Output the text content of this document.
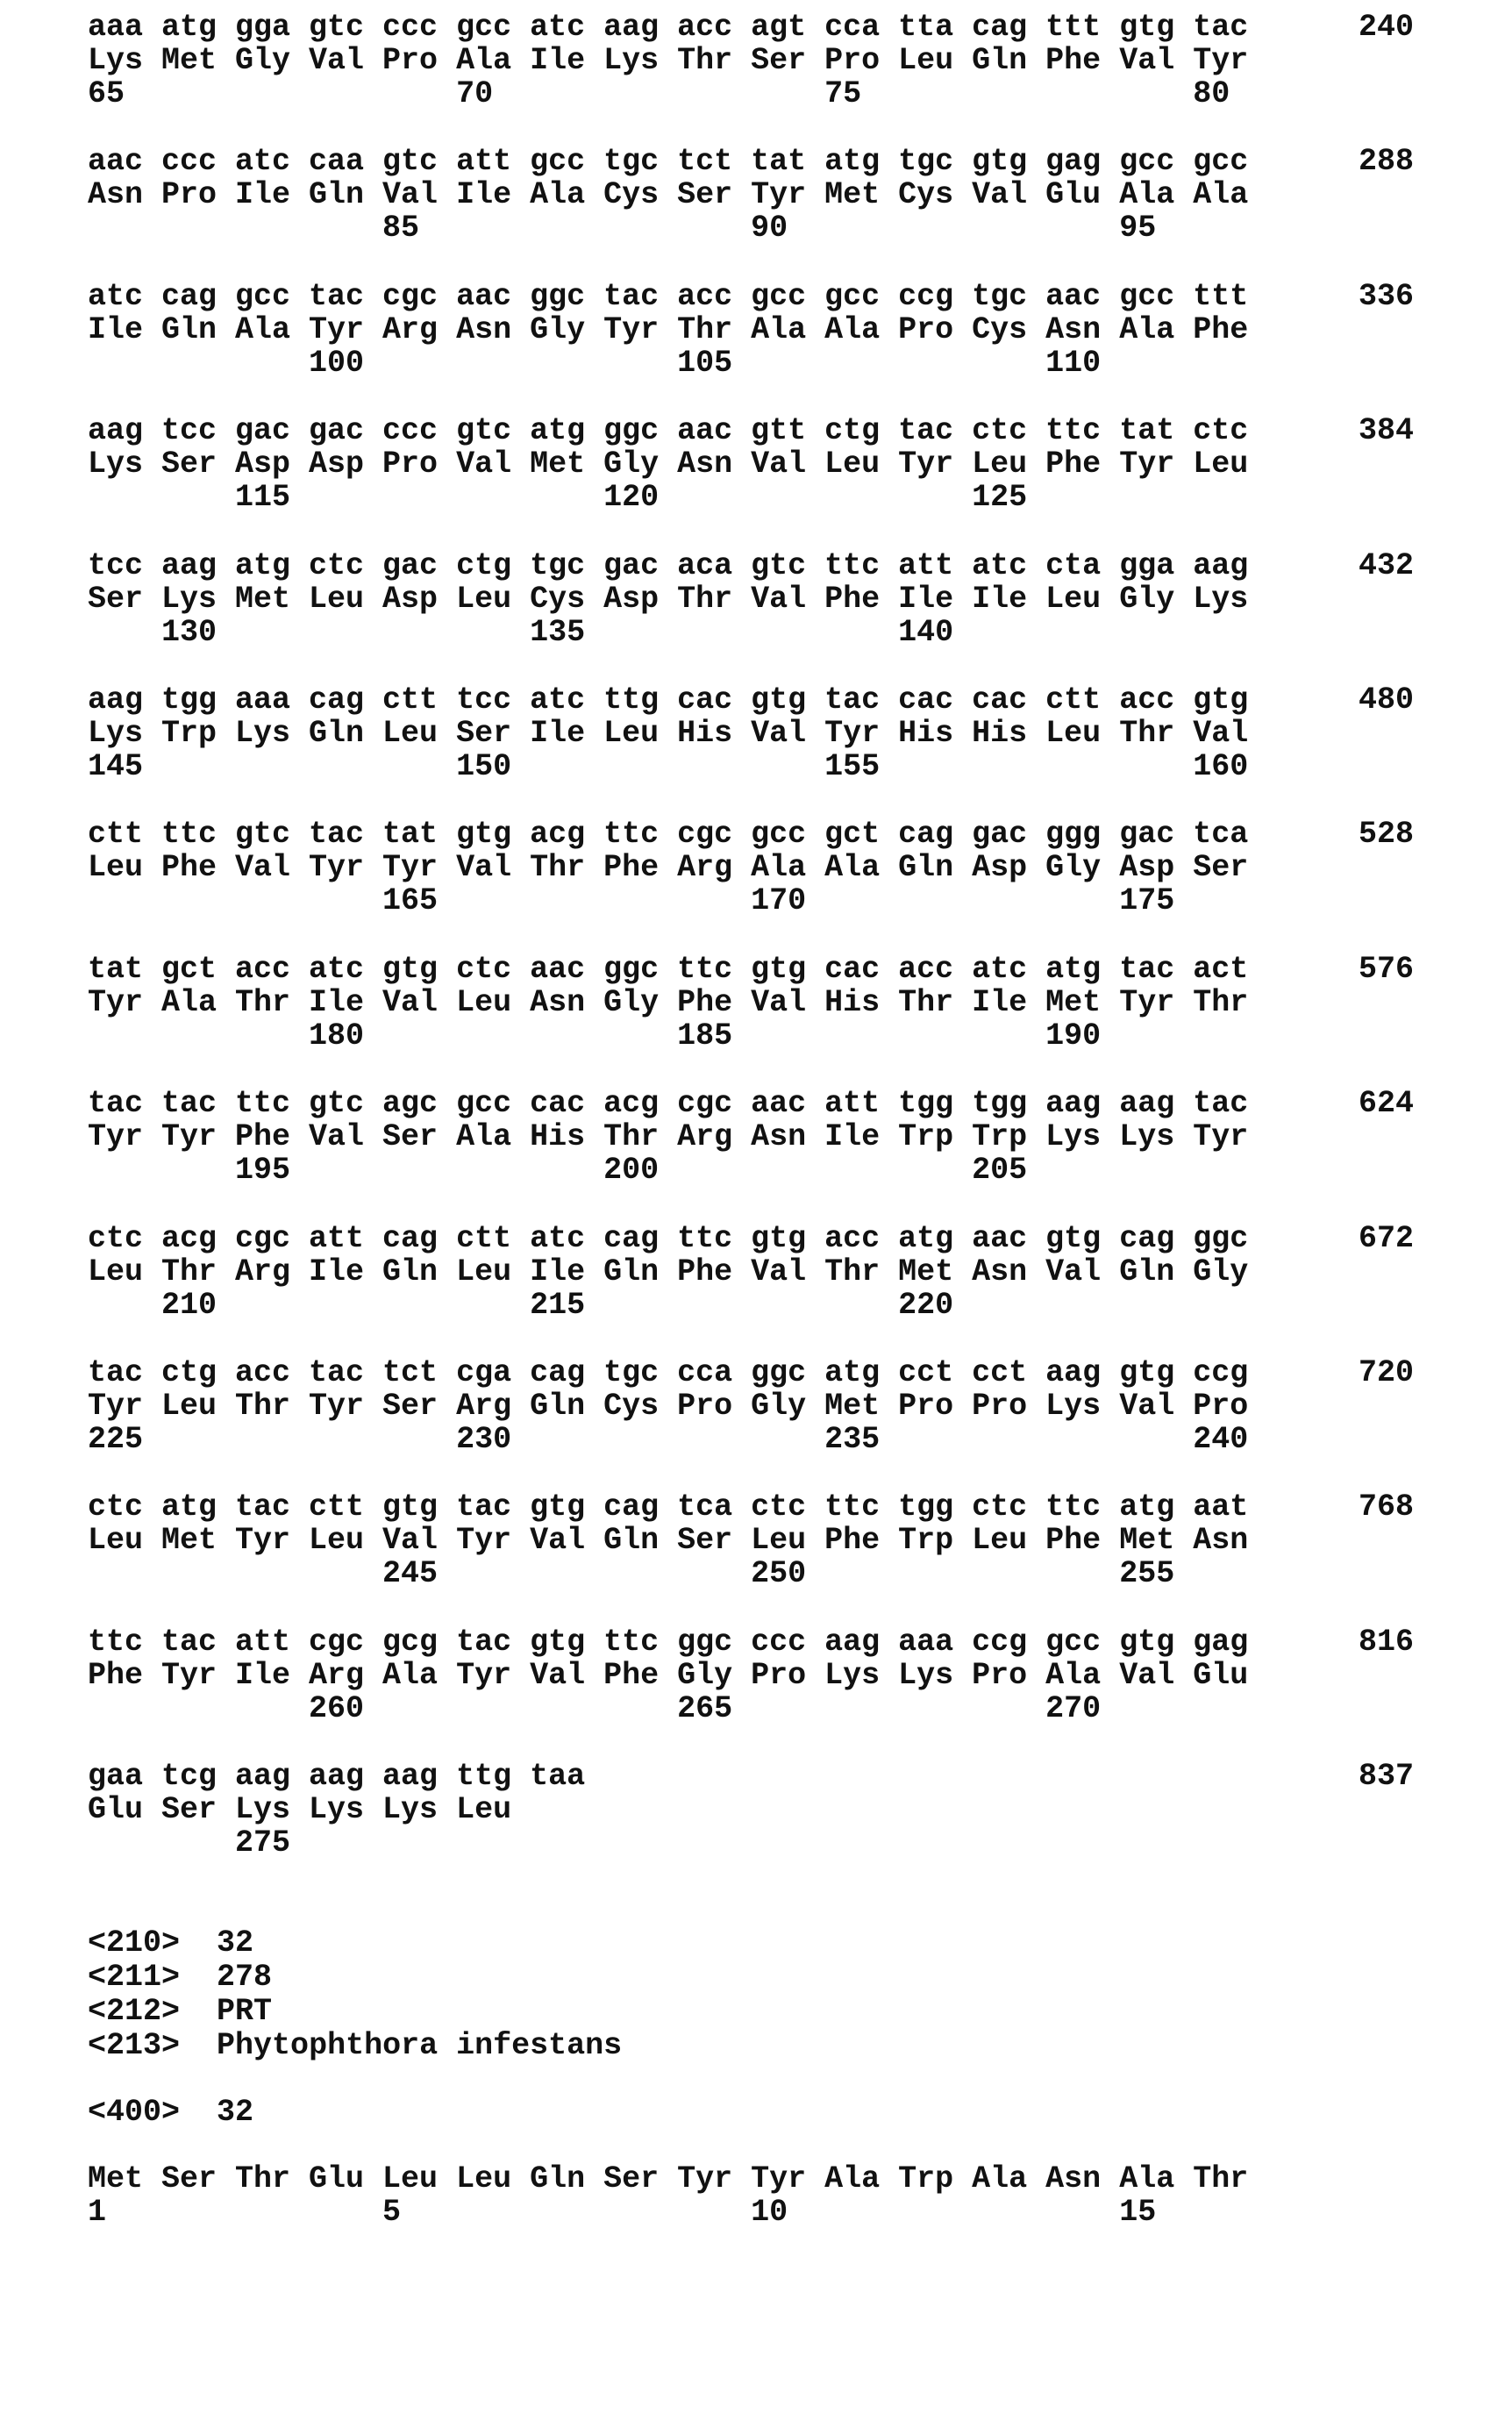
aaa atg gga gtc ccc gcc atc aag acc agt cca tta cag ttt gtg tac	240
Lys Met Gly Val Pro Ala Ile Lys Thr Ser Pro Leu Gln Phe Val Tyr
65	70	75	80
aac ccc atc caa gtc att gcc tgc tct tat atg tgc gtg gag gcc gcc	288
Asn Pro Ile Gln Val Ile Ala Cys Ser Tyr Met Cys Val Glu Ala Ala
85	90	95
atc cag gcc tac cgc aac ggc tac acc gcc gcc ccg tgc aac gcc ttt	336
Ile Gln Ala Tyr Arg Asn Gly Tyr Thr Ala Ala Pro Cys Asn Ala Phe
100	105	110
aag tcc gac gac ccc gtc atg ggc aac gtt ctg tac ctc ttc tat ctc	384
Lys Ser Asp Asp Pro Val Met Gly Asn Val Leu Tyr Leu Phe Tyr Leu
115	120	125
tcc aag atg ctc gac ctg tgc gac aca gtc ttc att atc cta gga aag	432
Ser Lys Met Leu Asp Leu Cys Asp Thr Val Phe Ile Ile Leu Gly Lys
130	135	140
aag tgg aaa cag ctt tcc atc ttg cac gtg tac cac cac ctt acc gtg	480
Lys Trp Lys Gln Leu Ser Ile Leu His Val Tyr His His Leu Thr Val
145	150	155	160
ctt ttc gtc tac tat gtg acg ttc cgc gcc gct cag gac ggg gac tca	528
Leu Phe Val Tyr Tyr Val Thr Phe Arg Ala Ala Gln Asp Gly Asp Ser
165	170	175
tat gct acc atc gtg ctc aac ggc ttc gtg cac acc atc atg tac act	576
Tyr Ala Thr Ile Val Leu Asn Gly Phe Val His Thr Ile Met Tyr Thr
180	185	190
tac tac ttc gtc agc gcc cac acg cgc aac att tgg tgg aag aag tac	624
Tyr Tyr Phe Val Ser Ala His Thr Arg Asn Ile Trp Trp Lys Lys Tyr
195	200	205
ctc acg cgc att cag ctt atc cag ttc gtg acc atg aac gtg cag ggc	672
Leu Thr Arg Ile Gln Leu Ile Gln Phe Val Thr Met Asn Val Gln Gly
210	215	220
tac ctg acc tac tct cga cag tgc cca ggc atg cct cct aag gtg ccg	720
Tyr Leu Thr Tyr Ser Arg Gln Cys Pro Gly Met Pro Pro Lys Val Pro
225	230	235	240
ctc atg tac ctt gtg tac gtg cag tca ctc ttc tgg ctc ttc atg aat	768
Leu Met Tyr Leu Val Tyr Val Gln Ser Leu Phe Trp Leu Phe Met Asn
245	250	255
ttc tac att cgc gcg tac gtg ttc ggc ccc aag aaa ccg gcc gtg gag	816
Phe Tyr Ile Arg Ala Tyr Val Phe Gly Pro Lys Lys Pro Ala Val Glu
260	265	270
gaa tcg aag aag aag ttg taa	837
Glu Ser Lys Lys Lys Leu
275
<210> 32
<211> 278
<212> PRT
<213> Phytophthora infestans
<400> 32
Met Ser Thr Glu Leu Leu Gln Ser Tyr Tyr Ala Trp Ala Asn Ala Thr
1	5	10	15
